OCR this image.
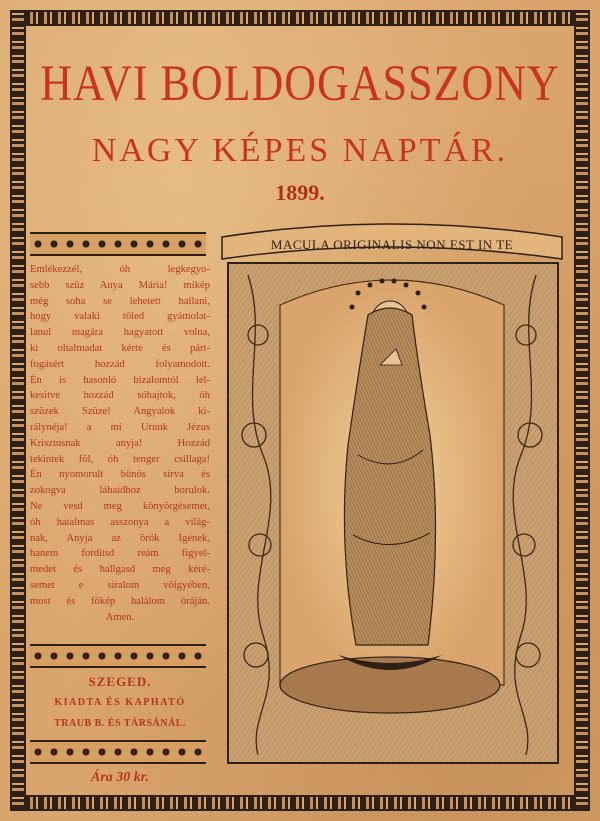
HAVI BOLDOGASSZONY
NAGY KÉPES NAPTÁR.
1899.
Emlékezzél, óh legkegyo-
sebb szüz Anya Mária! mikép
még soha se lehetett hallani,
hogy valaki tőled gyámolat-
lanul magára hagyatott volna,
ki oltalmadat kérte és párt-
fogásért hozzád folyamodott.
Én is hasonló bizalomtól lel-
kesitve hozzád sóhajtok, óh
szüzek Szüze! Angyalok ki-
rálynéja! a mi Urunk Jézus
Krisztusnak anyja! Hozzád
tekintek föl, óh tenger csillaga!
Én nyomorult bünös sirva és
zokogva lábaidhoz borulok.
Ne vesd meg könyörgésemet,
óh hatalmas asszonya a világ-
nak, Anyja az örök Igének,
hanem forditsd reám figyel-
medet és hallgasd meg kéré-
semet e siralom völgyében,
most és főkép halálom óráján.
Amen.
SZEGED.
KIADTA ÉS KAPHATÓ
TRAUB B. ÉS TÁRSÁNÁL.
Ára 30 kr.
MACULA ORIGINALIS NON EST IN TE
